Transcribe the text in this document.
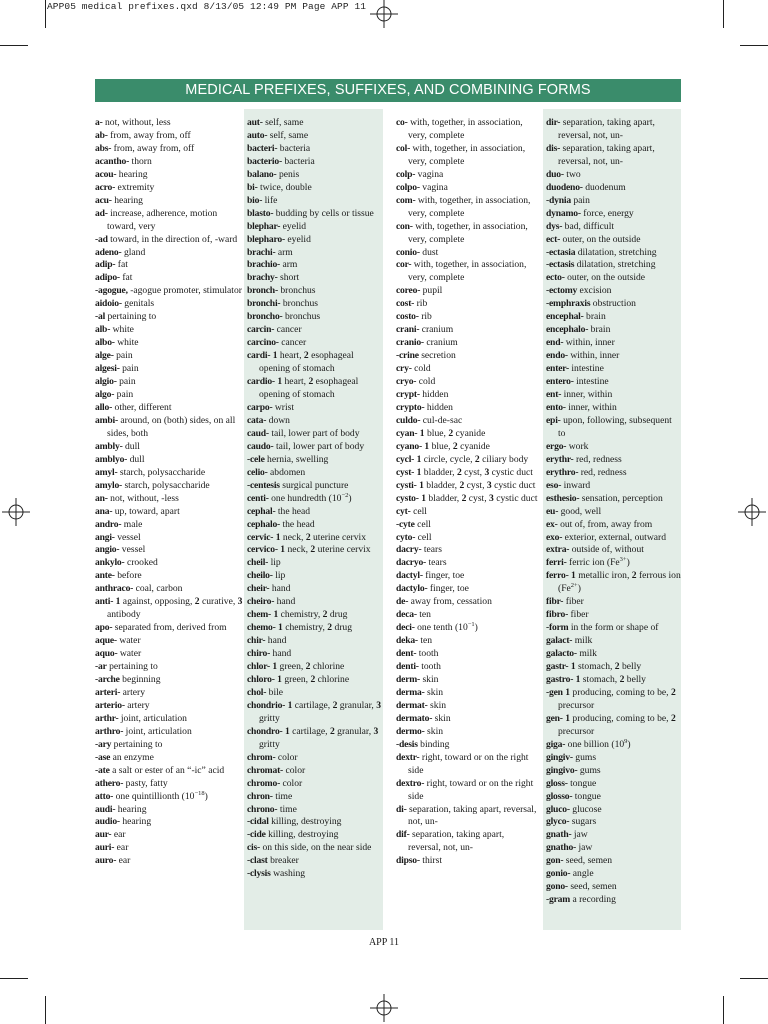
APP05 medical prefixes.qxd 8/13/05 12:49 PM Page APP 11
MEDICAL PREFIXES, SUFFIXES, AND COMBINING FORMS
a- not, without, less
ab- from, away from, off
abs- from, away from, off
acantho- thorn
acou- hearing
acro- extremity
acu- hearing
ad- increase, adherence, motion toward, very
-ad toward, in the direction of, -ward
adeno- gland
adip- fat
adipo- fat
-agogue, -agogue promoter, stimulator
aidoio- genitals
-al pertaining to
alb- white
albo- white
alge- pain
algesi- pain
algio- pain
algo- pain
allo- other, different
ambi- around, on (both) sides, on all sides, both
ambly- dull
amblyo- dull
amyl- starch, polysaccharide
amylo- starch, polysaccharide
an- not, without, -less
ana- up, toward, apart
andro- male
angi- vessel
angio- vessel
ankylo- crooked
ante- before
anthraco- coal, carbon
anti- 1 against, opposing, 2 curative, 3 antibody
apo- separated from, derived from
aque- water
aquo- water
-ar pertaining to
-arche beginning
arteri- artery
arterio- artery
arthr- joint, articulation
arthro- joint, articulation
-ary pertaining to
-ase an enzyme
-ate a salt or ester of an “-ic” acid
athero- pasty, fatty
atto- one quintillionth $(10^{-18})$
audi- hearing
audio- hearing
aur- ear
auri- ear
auro- ear
aut- self, same
auto- self, same
bacteri- bacteria
bacterio- bacteria
balano- penis
bi- twice, double
bio- life
blasto- budding by cells or tissue
blephar- eyelid
blepharo- eyelid
brachi- arm
brachio- arm
brachy- short
bronch- bronchus
bronchi- bronchus
broncho- bronchus
carcin- cancer
carcino- cancer
cardi- 1 heart, 2 esophageal opening of stomach
cardio- 1 heart, 2 esophageal opening of stomach
carpo- wrist
cata- down
caud- tail, lower part of body
caudo- tail, lower part of body
-cele hernia, swelling
celio- abdomen
-centesis surgical puncture
centi- one hundredth $(10^{-2})$
cephal- the head
cephalo- the head
cervic- 1 neck, 2 uterine cervix
cervico- 1 neck, 2 uterine cervix
cheil- lip
cheilo- lip
cheir- hand
cheiro- hand
chem- 1 chemistry, 2 drug
chemo- 1 chemistry, 2 drug
chir- hand
chiro- hand
chlor- 1 green, 2 chlorine
chloro- 1 green, 2 chlorine
chol- bile
chondrio- 1 cartilage, 2 granular, 3 gritty
chondro- 1 cartilage, 2 granular, 3 gritty
chrom- color
chromat- color
chromo- color
chron- time
chrono- time
-cidal killing, destroying
-cide killing, destroying
cis- on this side, on the near side
-clast breaker
-clysis washing
co- with, together, in association, very, complete
col- with, together, in association, very, complete
colp- vagina
colpo- vagina
com- with, together, in association, very, complete
con- with, together, in association, very, complete
conio- dust
cor- with, together, in association, very, complete
coreo- pupil
cost- rib
costo- rib
crani- cranium
cranio- cranium
-crine secretion
cry- cold
cryo- cold
crypt- hidden
crypto- hidden
culdo- cul-de-sac
cyan- 1 blue, 2 cyanide
cyano- 1 blue, 2 cyanide
cycl- 1 circle, cycle, 2 ciliary body
cyst- 1 bladder, 2 cyst, 3 cystic duct
cysti- 1 bladder, 2 cyst, 3 cystic duct
cysto- 1 bladder, 2 cyst, 3 cystic duct
cyt- cell
-cyte cell
cyto- cell
dacry- tears
dacryo- tears
dactyl- finger, toe
dactylo- finger, toe
de- away from, cessation
deca- ten
deci- one tenth $(10^{-1})$
deka- ten
dent- tooth
denti- tooth
derm- skin
derma- skin
dermat- skin
dermato- skin
dermo- skin
-desis binding
dextr- right, toward or on the right side
dextro- right, toward or on the right side
di- separation, taking apart, reversal, not, un-
dif- separation, taking apart, reversal, not, un-
dipso- thirst
dir- separation, taking apart, reversal, not, un-
dis- separation, taking apart, reversal, not, un-
duo- two
duodeno- duodenum
-dynia pain
dynamo- force, energy
dys- bad, difficult
ect- outer, on the outside
-ectasia dilatation, stretching
-ectasis dilatation, stretching
ecto- outer, on the outside
-ectomy excision
-emphraxis obstruction
encephal- brain
encephalo- brain
end- within, inner
endo- within, inner
enter- intestine
entero- intestine
ent- inner, within
ento- inner, within
epi- upon, following, subsequent to
ergo- work
erythr- red, redness
erythro- red, redness
eso- inward
esthesio- sensation, perception
eu- good, well
ex- out of, from, away from
exo- exterior, external, outward
extra- outside of, without
ferri- ferric ion $(Fe^{3+})$
ferro- 1 metallic iron, 2 ferrous ion $(Fe^{2+})$
fibr- fiber
fibro- fiber
-form in the form or shape of
galact- milk
galacto- milk
gastr- 1 stomach, 2 belly
gastro- 1 stomach, 2 belly
-gen 1 producing, coming to be, 2 precursor
gen- 1 producing, coming to be, 2 precursor
giga- one billion $(10^9)$
gingiv- gums
gingivo- gums
gloss- tongue
glosso- tongue
gluco- glucose
glyco- sugars
gnath- jaw
gnatho- jaw
gon- seed, semen
gonio- angle
gono- seed, semen
-gram a recording
APP 11
